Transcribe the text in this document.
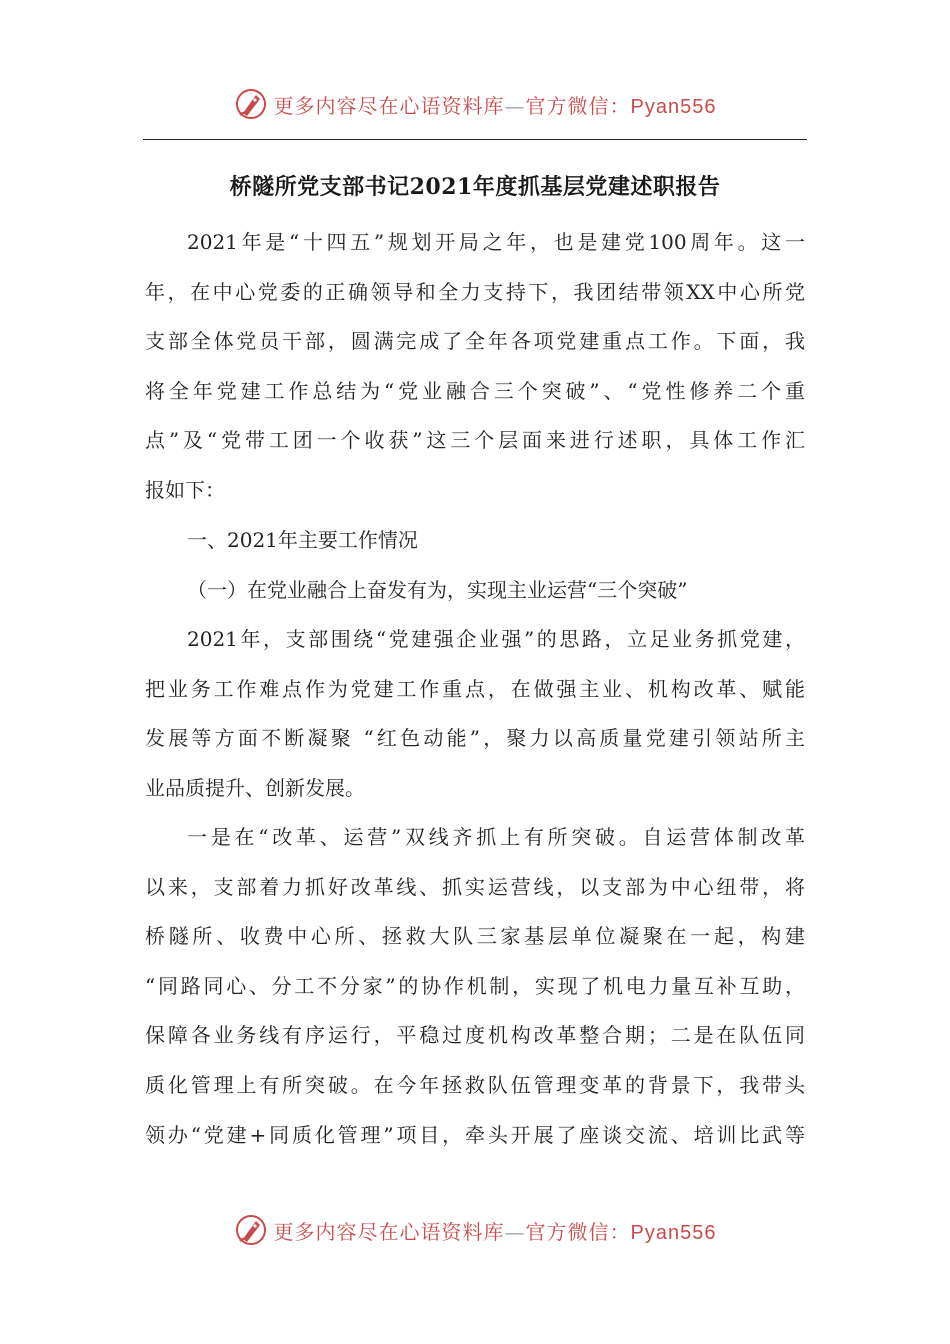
更多内容尽在心语资料库—官方微信：Pyan556
桥隧所党支部书记2021年度抓基层党建述职报告
2021年是“十四五”规划开局之年，也是建党100周年。这一
年，在中心党委的正确领导和全力支持下，我团结带领XX中心所党
支部全体党员干部，圆满完成了全年各项党建重点工作。下面，我
将全年党建工作总结为“党业融合三个突破”、“党性修养二个重
点”及“党带工团一个收获”这三个层面来进行述职，具体工作汇
报如下：
一、2021年主要工作情况
（一）在党业融合上奋发有为，实现主业运营“三个突破”
2021年，支部围绕“党建强企业强”的思路，立足业务抓党建，
把业务工作难点作为党建工作重点，在做强主业、机构改革、赋能
发展等方面不断凝聚 “红色动能”，聚力以高质量党建引领站所主
业品质提升、创新发展。
一是在“改革、运营”双线齐抓上有所突破。自运营体制改革
以来，支部着力抓好改革线、抓实运营线，以支部为中心纽带，将
桥隧所、收费中心所、拯救大队三家基层单位凝聚在一起，构建
“同路同心、分工不分家”的协作机制，实现了机电力量互补互助，
保障各业务线有序运行，平稳过度机构改革整合期；二是在队伍同
质化管理上有所突破。在今年拯救队伍管理变革的背景下，我带头
领办“党建+同质化管理”项目，牵头开展了座谈交流、培训比武等
更多内容尽在心语资料库—官方微信：Pyan556
